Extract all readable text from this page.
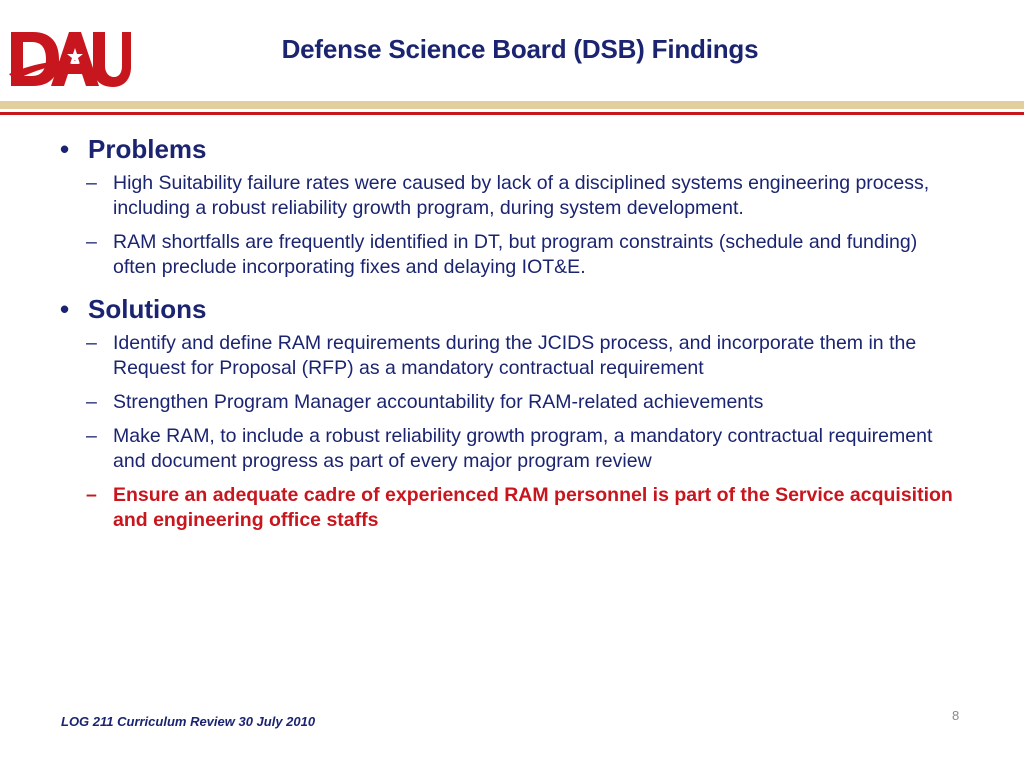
Defense Science Board (DSB) Findings
• Problems
– High Suitability failure rates were caused by lack of a disciplined systems engineering process, including a robust reliability growth program, during system development.
– RAM shortfalls are frequently identified in DT, but program constraints (schedule and funding) often preclude incorporating fixes and delaying IOT&E.
• Solutions
– Identify and define RAM requirements during the JCIDS process, and incorporate them in the Request for Proposal (RFP) as a mandatory contractual requirement
– Strengthen Program Manager accountability for RAM-related achievements
– Make RAM, to include a robust reliability growth program, a mandatory contractual requirement and document progress as part of every major program review
– Ensure an adequate cadre of experienced RAM personnel is part of the Service acquisition and engineering office staffs
LOG 211 Curriculum Review 30 July 2010	8
